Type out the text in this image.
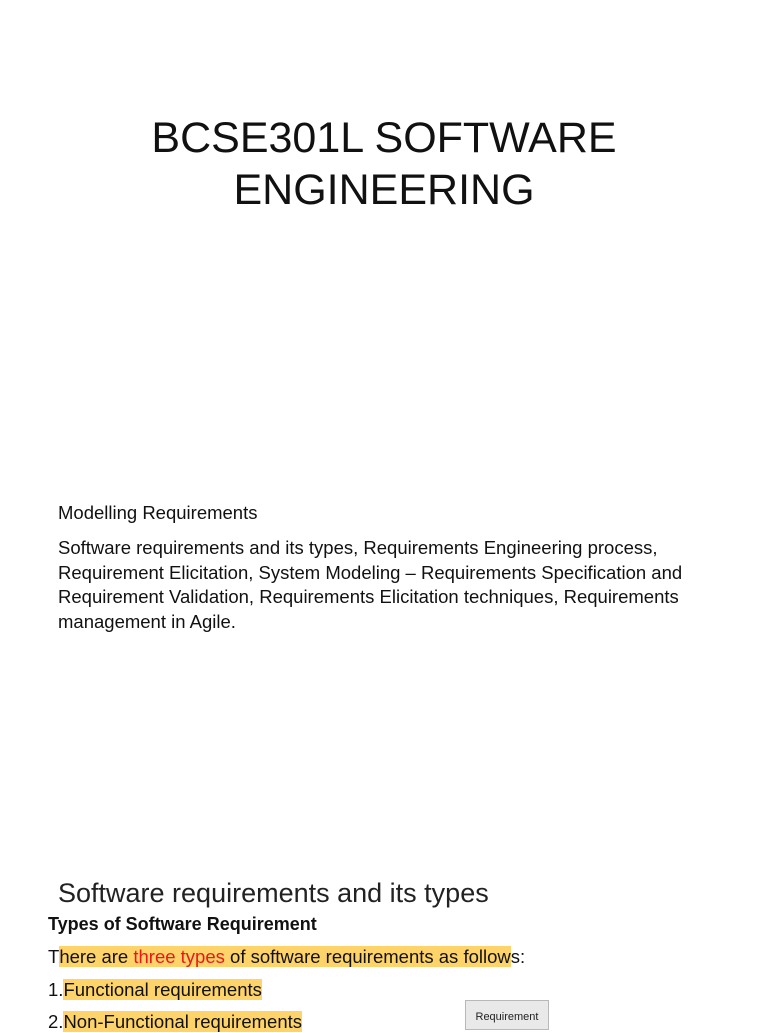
BCSE301L SOFTWARE
ENGINEERING

Modelling Requirements

Software requirements and its types, Requirements Engineering process, Requirement Elicitation, System Modeling – Requirements Specification and Requirement Validation, Requirements Elicitation techniques, Requirements management in Agile.

Software requirements and its types

Types of Software Requirement

There are three types of software requirements as follows:

1.Functional requirements

2.Non-Functional requirements	Requirement
